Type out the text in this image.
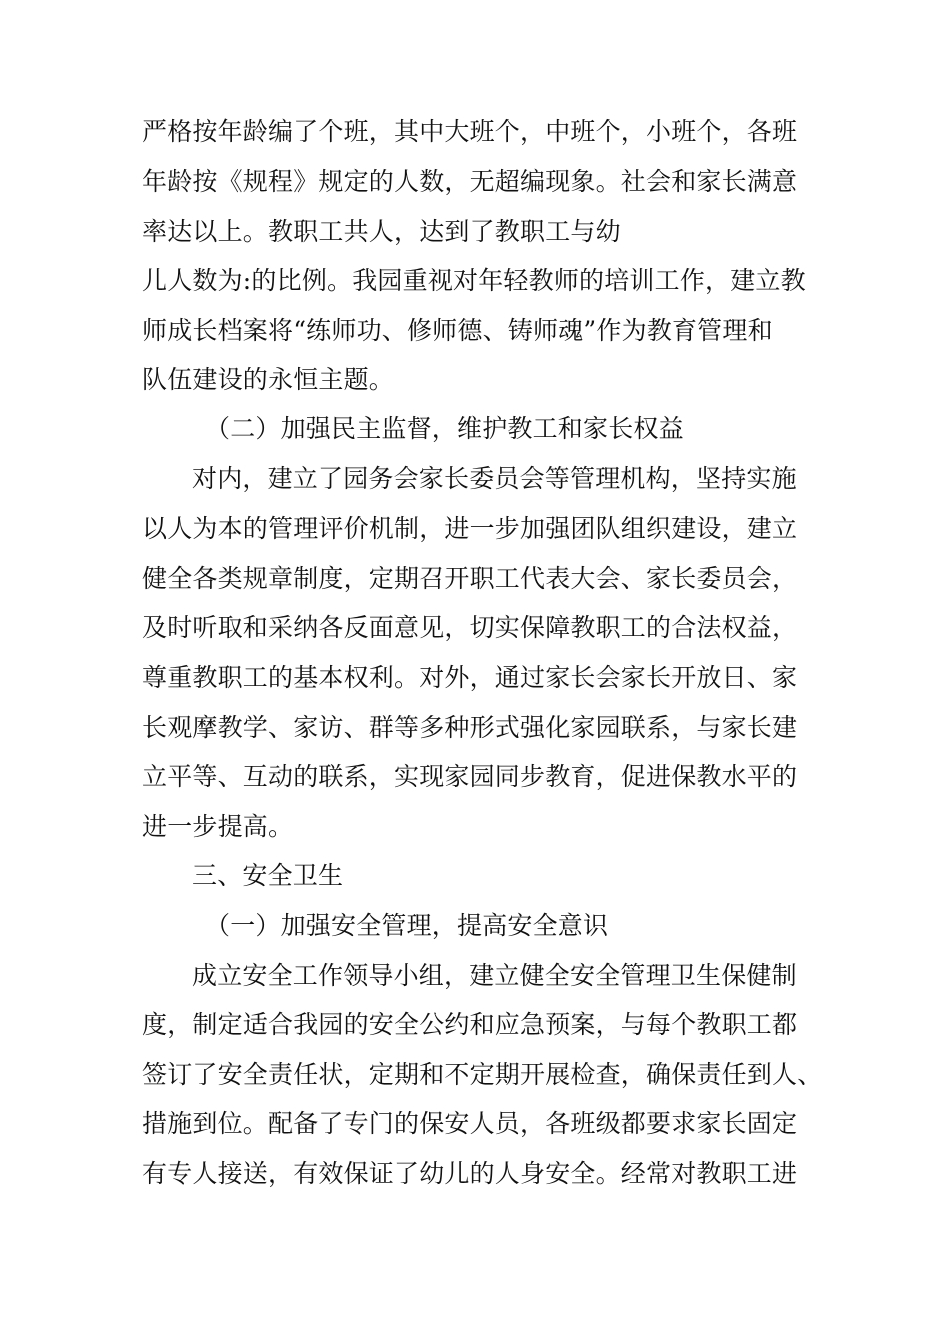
严格按年龄编了个班，其中大班个，中班个，小班个，各班
年龄按《规程》规定的人数，无超编现象。社会和家长满意
率达以上。教职工共人，达到了教职工与幼
儿人数为:的比例。我园重视对年轻教师的培训工作，建立教
师成长档案将“练师功、修师德、铸师魂”作为教育管理和
队伍建设的永恒主题。
（二）加强民主监督，维护教工和家长权益
对内，建立了园务会家长委员会等管理机构，坚持实施
以人为本的管理评价机制，进一步加强团队组织建设，建立
健全各类规章制度，定期召开职工代表大会、家长委员会，
及时听取和采纳各反面意见，切实保障教职工的合法权益，
尊重教职工的基本权利。对外，通过家长会家长开放日、家
长观摩教学、家访、群等多种形式强化家园联系，与家长建
立平等、互动的联系，实现家园同步教育，促进保教水平的
进一步提高。
三、安全卫生
（一）加强安全管理，提高安全意识
成立安全工作领导小组，建立健全安全管理卫生保健制
度，制定适合我园的安全公约和应急预案，与每个教职工都
签订了安全责任状，定期和不定期开展检查，确保责任到人、
措施到位。配备了专门的保安人员，各班级都要求家长固定
有专人接送，有效保证了幼儿的人身安全。经常对教职工进
